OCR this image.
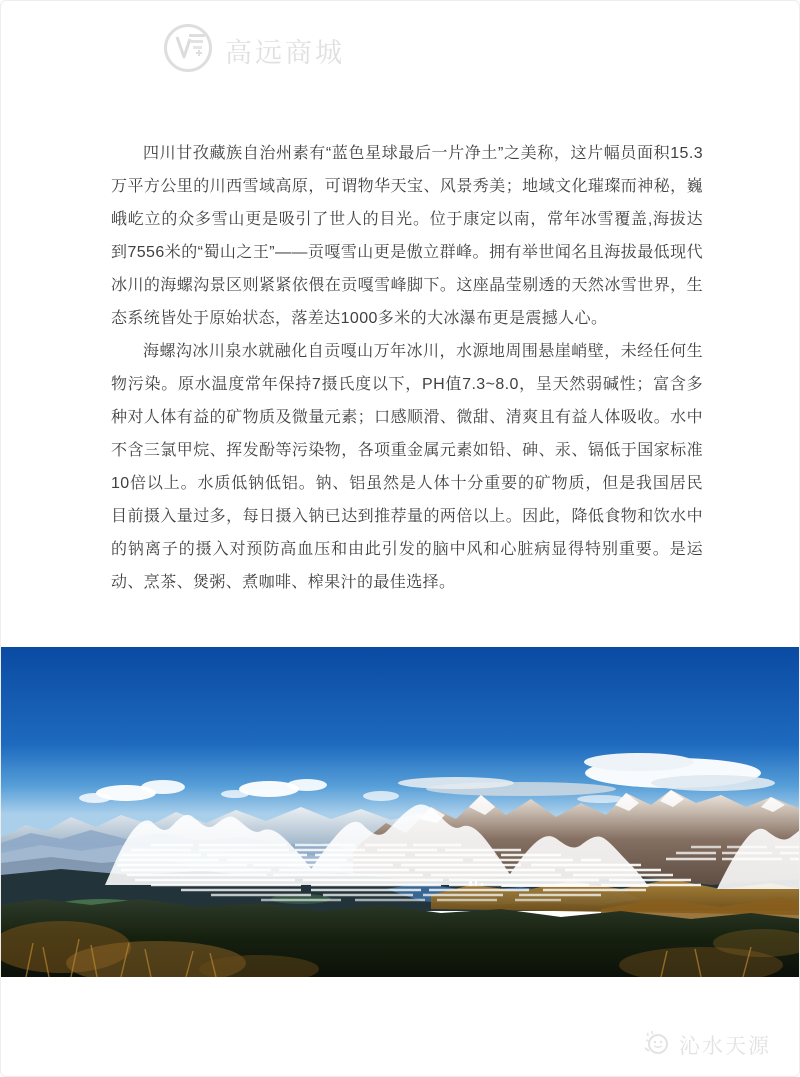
高远商城

四川甘孜藏族自治州素有“蓝色星球最后一片净土”之美称，这片幅员面积15.3万平方公里的川西雪域高原，可谓物华天宝、风景秀美；地域文化璀璨而神秘，巍峨屹立的众多雪山更是吸引了世人的目光。位于康定以南，常年冰雪覆盖,海拔达到7556米的“蜀山之王”——贡嘎雪山更是傲立群峰。拥有举世闻名且海拔最低现代冰川的海螺沟景区则紧紧依偎在贡嘎雪峰脚下。这座晶莹剔透的天然冰雪世界，生态系统皆处于原始状态，落差达1000多米的大冰瀑布更是震撼人心。

海螺沟冰川泉水就融化自贡嘎山万年冰川，水源地周围悬崖峭壁，未经任何生物污染。原水温度常年保持7摄氏度以下，PH值7.3~8.0，呈天然弱碱性；富含多种对人体有益的矿物质及微量元素；口感顺滑、微甜、清爽且有益人体吸收。水中不含三氯甲烷、挥发酚等污染物，各项重金属元素如铅、砷、汞、镉低于国家标准10倍以上。水质低钠低铝。钠、铝虽然是人体十分重要的矿物质，但是我国居民目前摄入量过多，每日摄入钠已达到推荐量的两倍以上。因此，降低食物和饮水中的钠离子的摄入对预防高血压和由此引发的脑中风和心脏病显得特别重要。是运动、烹茶、煲粥、煮咖啡、榨果汁的最佳选择。

沁水天源
